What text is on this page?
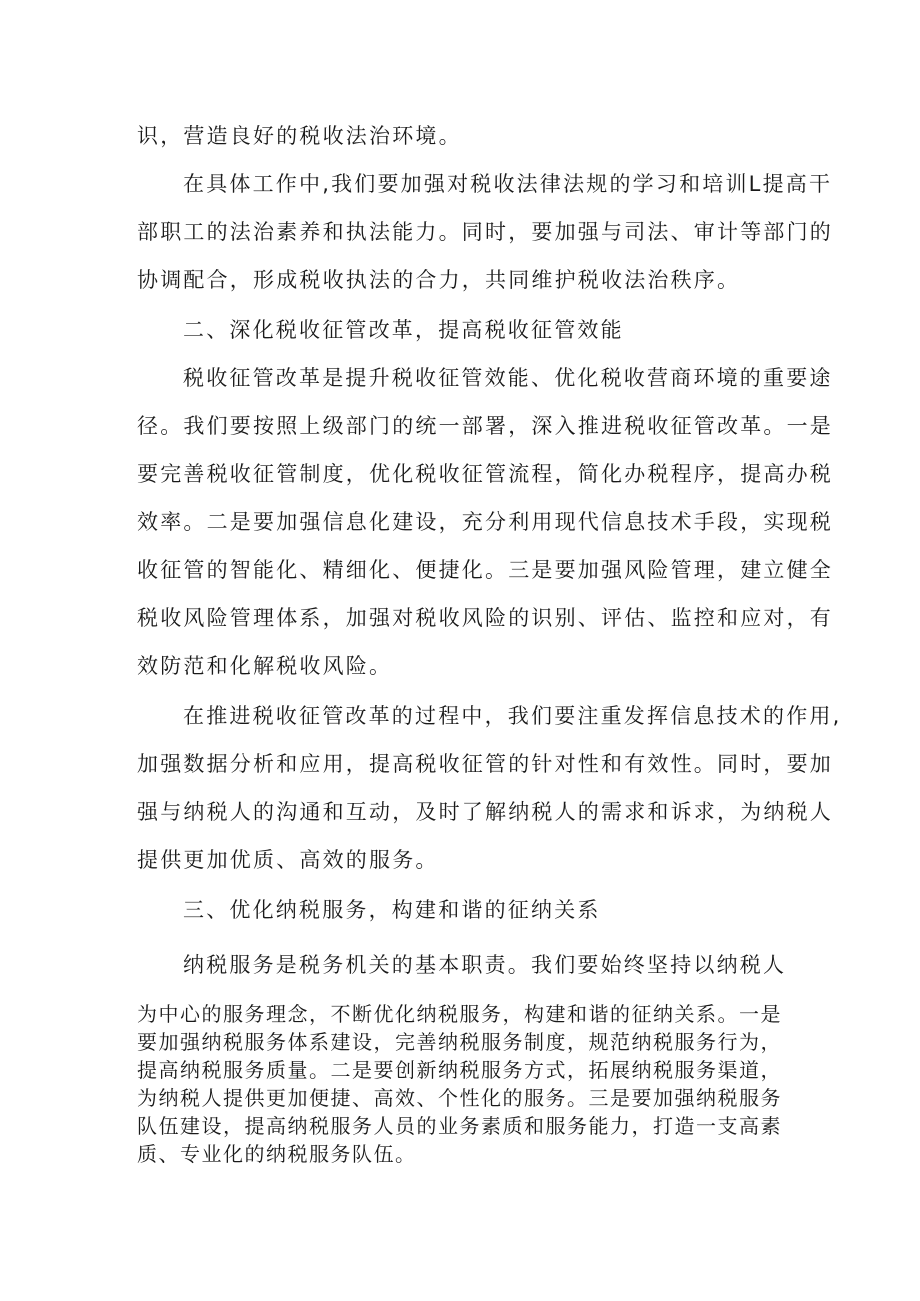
识，营造良好的税收法治环境。
在具体工作中,我们要加强对税收法律法规的学习和培训L提高干
部职工的法治素养和执法能力。同时，要加强与司法、审计等部门的
协调配合，形成税收执法的合力，共同维护税收法治秩序。
二、深化税收征管改革，提高税收征管效能
税收征管改革是提升税收征管效能、优化税收营商环境的重要途
径。我们要按照上级部门的统一部署，深入推进税收征管改革。一是
要完善税收征管制度，优化税收征管流程，简化办税程序，提高办税
效率。二是要加强信息化建设，充分利用现代信息技术手段，实现税
收征管的智能化、精细化、便捷化。三是要加强风险管理，建立健全
税收风险管理体系，加强对税收风险的识别、评估、监控和应对，有
效防范和化解税收风险。
在推进税收征管改革的过程中，我们要注重发挥信息技术的作用,
加强数据分析和应用，提高税收征管的针对性和有效性。同时，要加
强与纳税人的沟通和互动，及时了解纳税人的需求和诉求，为纳税人
提供更加优质、高效的服务。
三、优化纳税服务，构建和谐的征纳关系
纳税服务是税务机关的基本职责。我们要始终坚持以纳税人
为中心的服务理念，不断优化纳税服务，构建和谐的征纳关系。一是
要加强纳税服务体系建设，完善纳税服务制度，规范纳税服务行为，
提高纳税服务质量。二是要创新纳税服务方式，拓展纳税服务渠道，
为纳税人提供更加便捷、高效、个性化的服务。三是要加强纳税服务
队伍建设，提高纳税服务人员的业务素质和服务能力，打造一支高素
质、专业化的纳税服务队伍。
